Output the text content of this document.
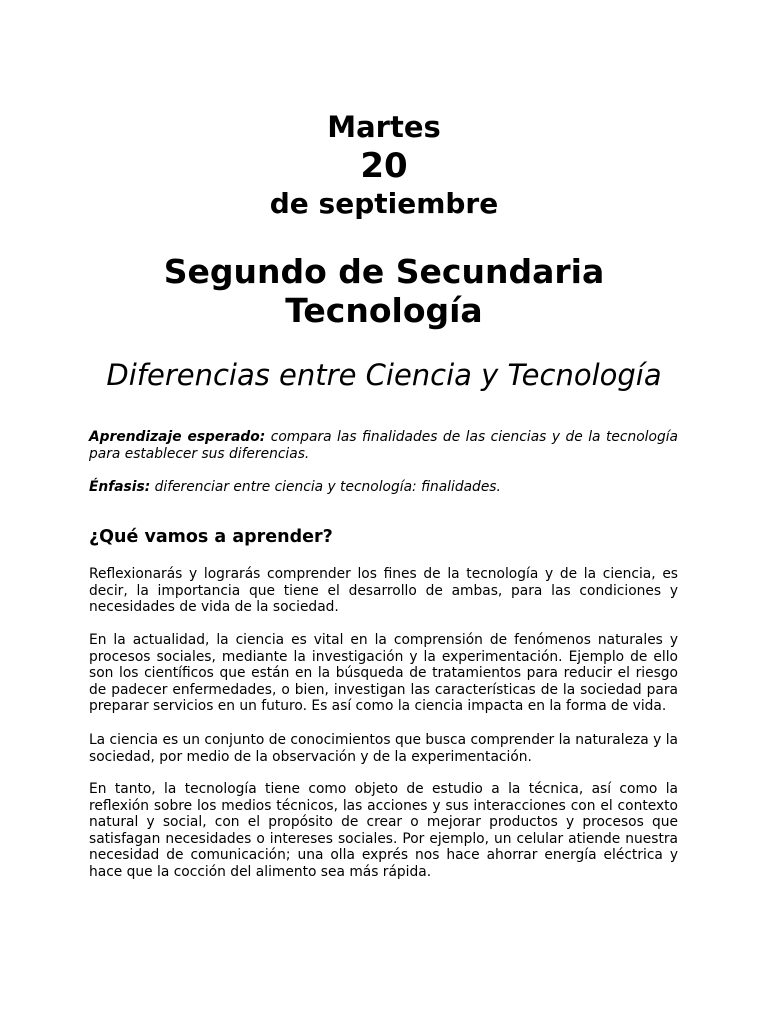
Martes

20

de septiembre

Segundo de Secundaria

Tecnología

Diferencias entre Ciencia y Tecnología

Aprendizaje esperado: compara las finalidades de las ciencias y de la tecnología para establecer sus diferencias.

Énfasis: diferenciar entre ciencia y tecnología: finalidades.

¿Qué vamos a aprender?

Reflexionarás y lograrás comprender los fines de la tecnología y de la ciencia, es decir, la importancia que tiene el desarrollo de ambas, para las condiciones y necesidades de vida de la sociedad.

En la actualidad, la ciencia es vital en la comprensión de fenómenos naturales y procesos sociales, mediante la investigación y la experimentación. Ejemplo de ello son los científicos que están en la búsqueda de tratamientos para reducir el riesgo de padecer enfermedades, o bien, investigan las características de la sociedad para preparar servicios en un futuro. Es así como la ciencia impacta en la forma de vida.

La ciencia es un conjunto de conocimientos que busca comprender la naturaleza y la sociedad, por medio de la observación y de la experimentación.

En tanto, la tecnología tiene como objeto de estudio a la técnica, así como la reflexión sobre los medios técnicos, las acciones y sus interacciones con el contexto natural y social, con el propósito de crear o mejorar productos y procesos que satisfagan necesidades o intereses sociales. Por ejemplo, un celular atiende nuestra necesidad de comunicación; una olla exprés nos hace ahorrar energía eléctrica y hace que la cocción del alimento sea más rápida.
